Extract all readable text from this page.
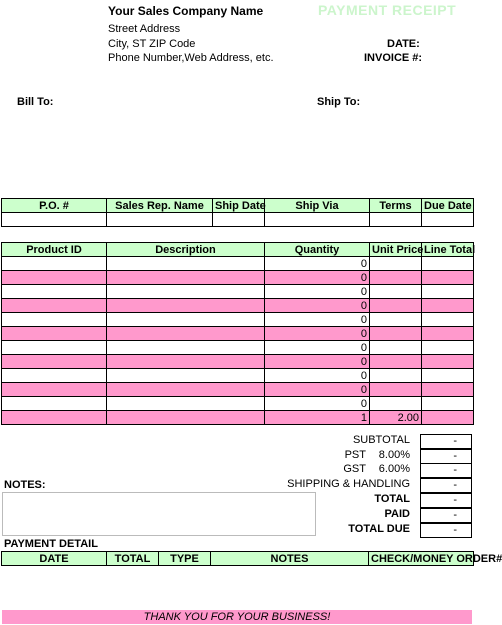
Your Sales Company Name
Street Address
City, ST ZIP Code
Phone Number,Web Address, etc.
PAYMENT RECEIPT
DATE:
INVOICE #:
Bill To:	Ship To:
P.O. #	Sales Rep. Name	Ship Date	Ship Via	Terms	Due Date

Product ID	Description	Quantity	Unit Price	Line Total
		0		
		0		
		0		
		0		
		0		
		0		
		0		
		0		
		0		
		0		
		0		
		1	2.00	
SUBTOTAL	-
PST	8.00%	-
GST	6.00%	-
SHIPPING & HANDLING	-
TOTAL	-
PAID	-
TOTAL DUE	-
NOTES:
PAYMENT DETAIL
DATE	TOTAL	TYPE	NOTES	CHECK/MONEY ORDER#
THANK YOU FOR YOUR BUSINESS!
